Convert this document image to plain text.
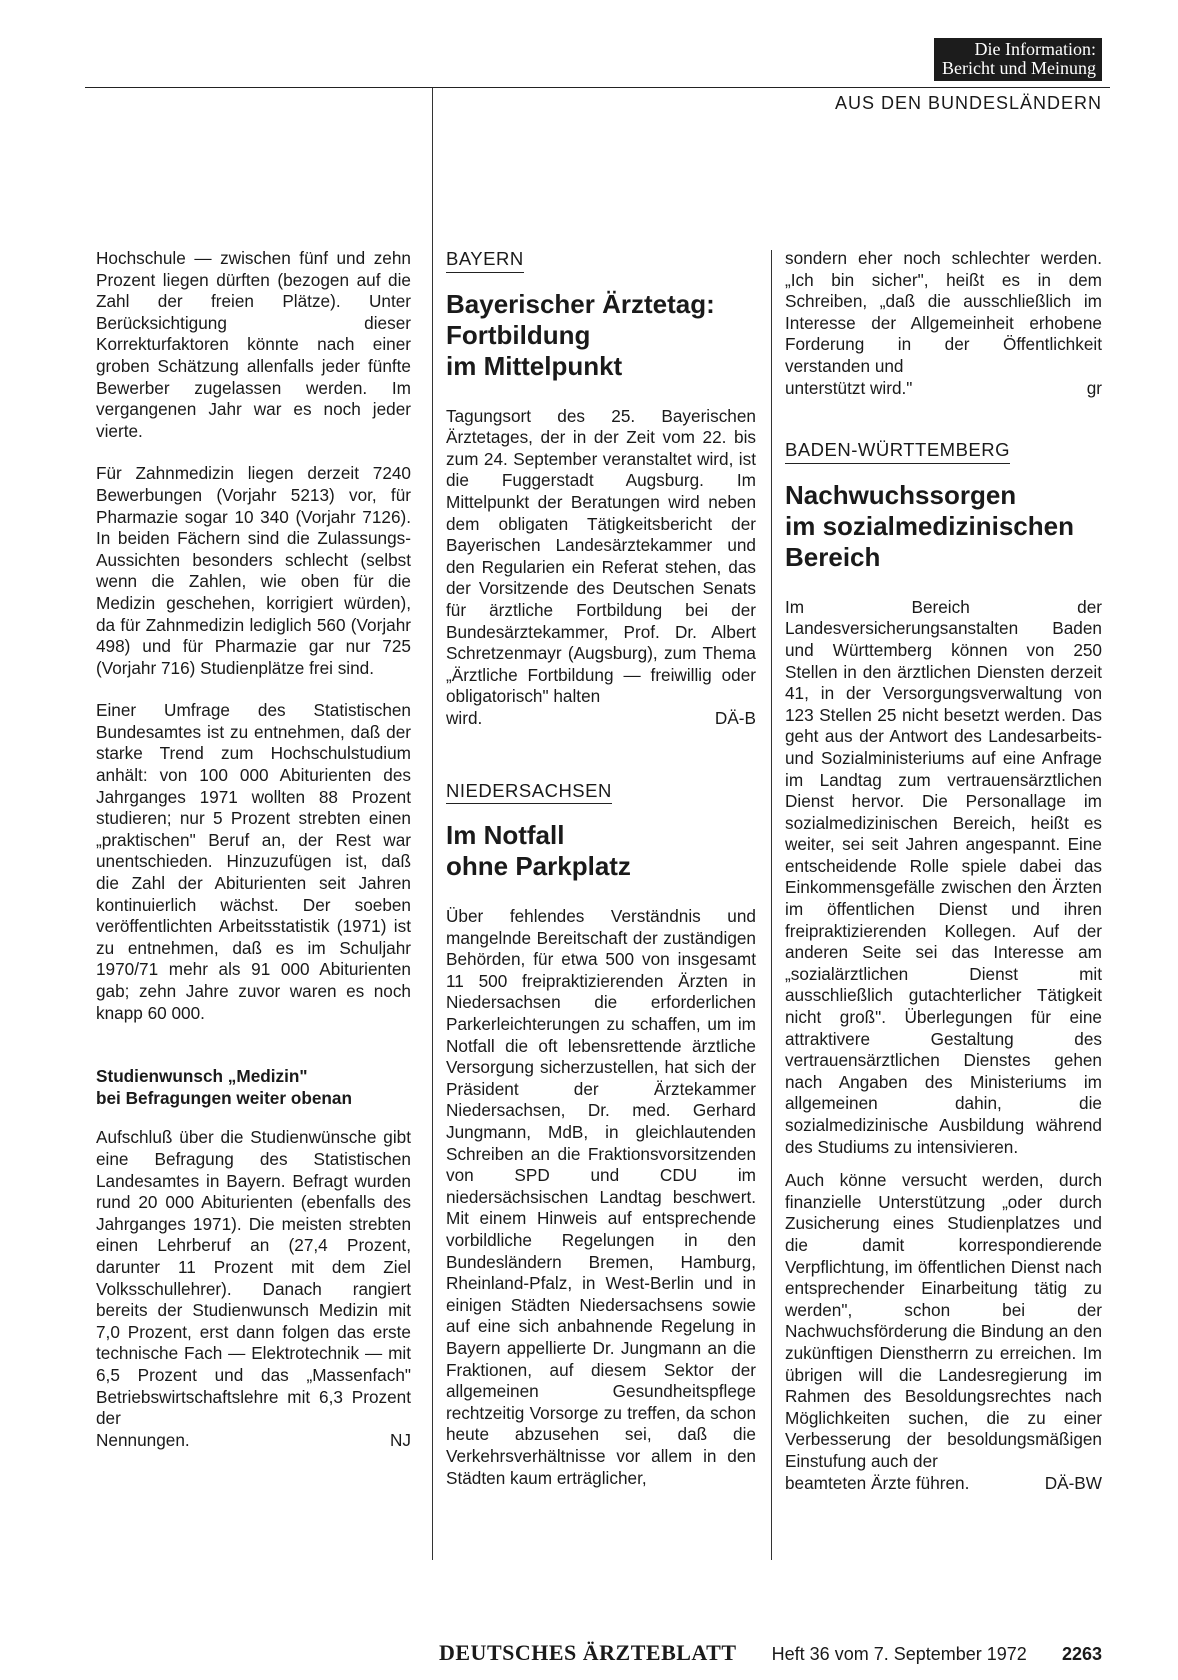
Die Information:
Bericht und Meinung
AUS DEN BUNDESLÄNDERN

Hochschule — zwischen fünf und zehn Prozent liegen dürften (bezogen auf die Zahl der freien Plätze). Unter Berücksichtigung dieser Korrekturfaktoren könnte nach einer groben Schätzung allenfalls jeder fünfte Bewerber zugelassen werden. Im vergangenen Jahr war es noch jeder vierte.

Für Zahnmedizin liegen derzeit 7240 Bewerbungen (Vorjahr 5213) vor, für Pharmazie sogar 10 340 (Vorjahr 7126). In beiden Fächern sind die Zulassungs-Aussichten besonders schlecht (selbst wenn die Zahlen, wie oben für die Medizin geschehen, korrigiert würden), da für Zahnmedizin lediglich 560 (Vorjahr 498) und für Pharmazie gar nur 725 (Vorjahr 716) Studienplätze frei sind.

Einer Umfrage des Statistischen Bundesamtes ist zu entnehmen, daß der starke Trend zum Hochschulstudium anhält: von 100 000 Abiturienten des Jahrganges 1971 wollten 88 Prozent studieren; nur 5 Prozent strebten einen „praktischen" Beruf an, der Rest war unentschieden. Hinzuzufügen ist, daß die Zahl der Abiturienten seit Jahren kontinuierlich wächst. Der soeben veröffentlichten Arbeitsstatistik (1971) ist zu entnehmen, daß es im Schuljahr 1970/71 mehr als 91 000 Abiturienten gab; zehn Jahre zuvor waren es noch knapp 60 000.

Studienwunsch „Medizin"
bei Befragungen weiter obenan

Aufschluß über die Studienwünsche gibt eine Befragung des Statistischen Landesamtes in Bayern. Befragt wurden rund 20 000 Abiturienten (ebenfalls des Jahrganges 1971). Die meisten strebten einen Lehrberuf an (27,4 Prozent, darunter 11 Prozent mit dem Ziel Volksschullehrer). Danach rangiert bereits der Studienwunsch Medizin mit 7,0 Prozent, erst dann folgen das erste technische Fach — Elektrotechnik — mit 6,5 Prozent und das „Massenfach" Betriebswirtschaftslehre mit 6,3 Prozent der

Nennungen.	NJ
BAYERN
Bayerischer Ärztetag:
Fortbildung
im Mittelpunkt

Tagungsort des 25. Bayerischen Ärztetages, der in der Zeit vom 22. bis zum 24. September veranstaltet wird, ist die Fuggerstadt Augsburg. Im Mittelpunkt der Beratungen wird neben dem obligaten Tätigkeitsbericht der Bayerischen Landesärztekammer und den Regularien ein Referat stehen, das der Vorsitzende des Deutschen Senats für ärztliche Fortbildung bei der Bundesärztekammer, Prof. Dr. Albert Schretzenmayr (Augsburg), zum Thema „Ärztliche Fortbildung — freiwillig oder obligatorisch" halten

wird.	DÄ-B
NIEDERSACHSEN
Im Notfall
ohne Parkplatz

Über fehlendes Verständnis und mangelnde Bereitschaft der zuständigen Behörden, für etwa 500 von insgesamt 11 500 freipraktizierenden Ärzten in Niedersachsen die erforderlichen Parkerleichterungen zu schaffen, um im Notfall die oft lebensrettende ärztliche Versorgung sicherzustellen, hat sich der Präsident der Ärztekammer Niedersachsen, Dr. med. Gerhard Jungmann, MdB, in gleichlautenden Schreiben an die Fraktionsvorsitzenden von SPD und CDU im niedersächsischen Landtag beschwert. Mit einem Hinweis auf entsprechende vorbildliche Regelungen in den Bundesländern Bremen, Hamburg, Rheinland-Pfalz, in West-Berlin und in einigen Städten Niedersachsens sowie auf eine sich anbahnende Regelung in Bayern appellierte Dr. Jungmann an die Fraktionen, auf diesem Sektor der allgemeinen Gesundheitspflege rechtzeitig Vorsorge zu treffen, da schon heute abzusehen sei, daß die Verkehrsverhältnisse vor allem in den Städten kaum erträglicher,

sondern eher noch schlechter werden. „Ich bin sicher", heißt es in dem Schreiben, „daß die ausschließlich im Interesse der Allgemeinheit erhobene Forderung in der Öffentlichkeit verstanden und

unterstützt wird."	gr
BADEN-WÜRTTEMBERG
Nachwuchssorgen
im sozialmedizinischen
Bereich

Im Bereich der Landesversicherungsanstalten Baden und Württemberg können von 250 Stellen in den ärztlichen Diensten derzeit 41, in der Versorgungsverwaltung von 123 Stellen 25 nicht besetzt werden. Das geht aus der Antwort des Landesarbeits- und Sozialministeriums auf eine Anfrage im Landtag zum vertrauensärztlichen Dienst hervor. Die Personallage im sozialmedizinischen Bereich, heißt es weiter, sei seit Jahren angespannt. Eine entscheidende Rolle spiele dabei das Einkommensgefälle zwischen den Ärzten im öffentlichen Dienst und ihren freipraktizierenden Kollegen. Auf der anderen Seite sei das Interesse am „sozialärztlichen Dienst mit ausschließlich gutachterlicher Tätigkeit nicht groß". Überlegungen für eine attraktivere Gestaltung des vertrauensärztlichen Dienstes gehen nach Angaben des Ministeriums im allgemeinen dahin, die sozialmedizinische Ausbildung während des Studiums zu intensivieren.

Auch könne versucht werden, durch finanzielle Unterstützung „oder durch Zusicherung eines Studienplatzes und die damit korrespondierende Verpflichtung, im öffentlichen Dienst nach entsprechender Einarbeitung tätig zu werden", schon bei der Nachwuchsförderung die Bindung an den zukünftigen Dienstherrn zu erreichen. Im übrigen will die Landesregierung im Rahmen des Besoldungsrechtes nach Möglichkeiten suchen, die zu einer Verbesserung der besoldungsmäßigen Einstufung auch der

beamteten Ärzte führen.	DÄ-BW
DEUTSCHES ÄRZTEBLATT Heft 36 vom 7. September 1972 2263
